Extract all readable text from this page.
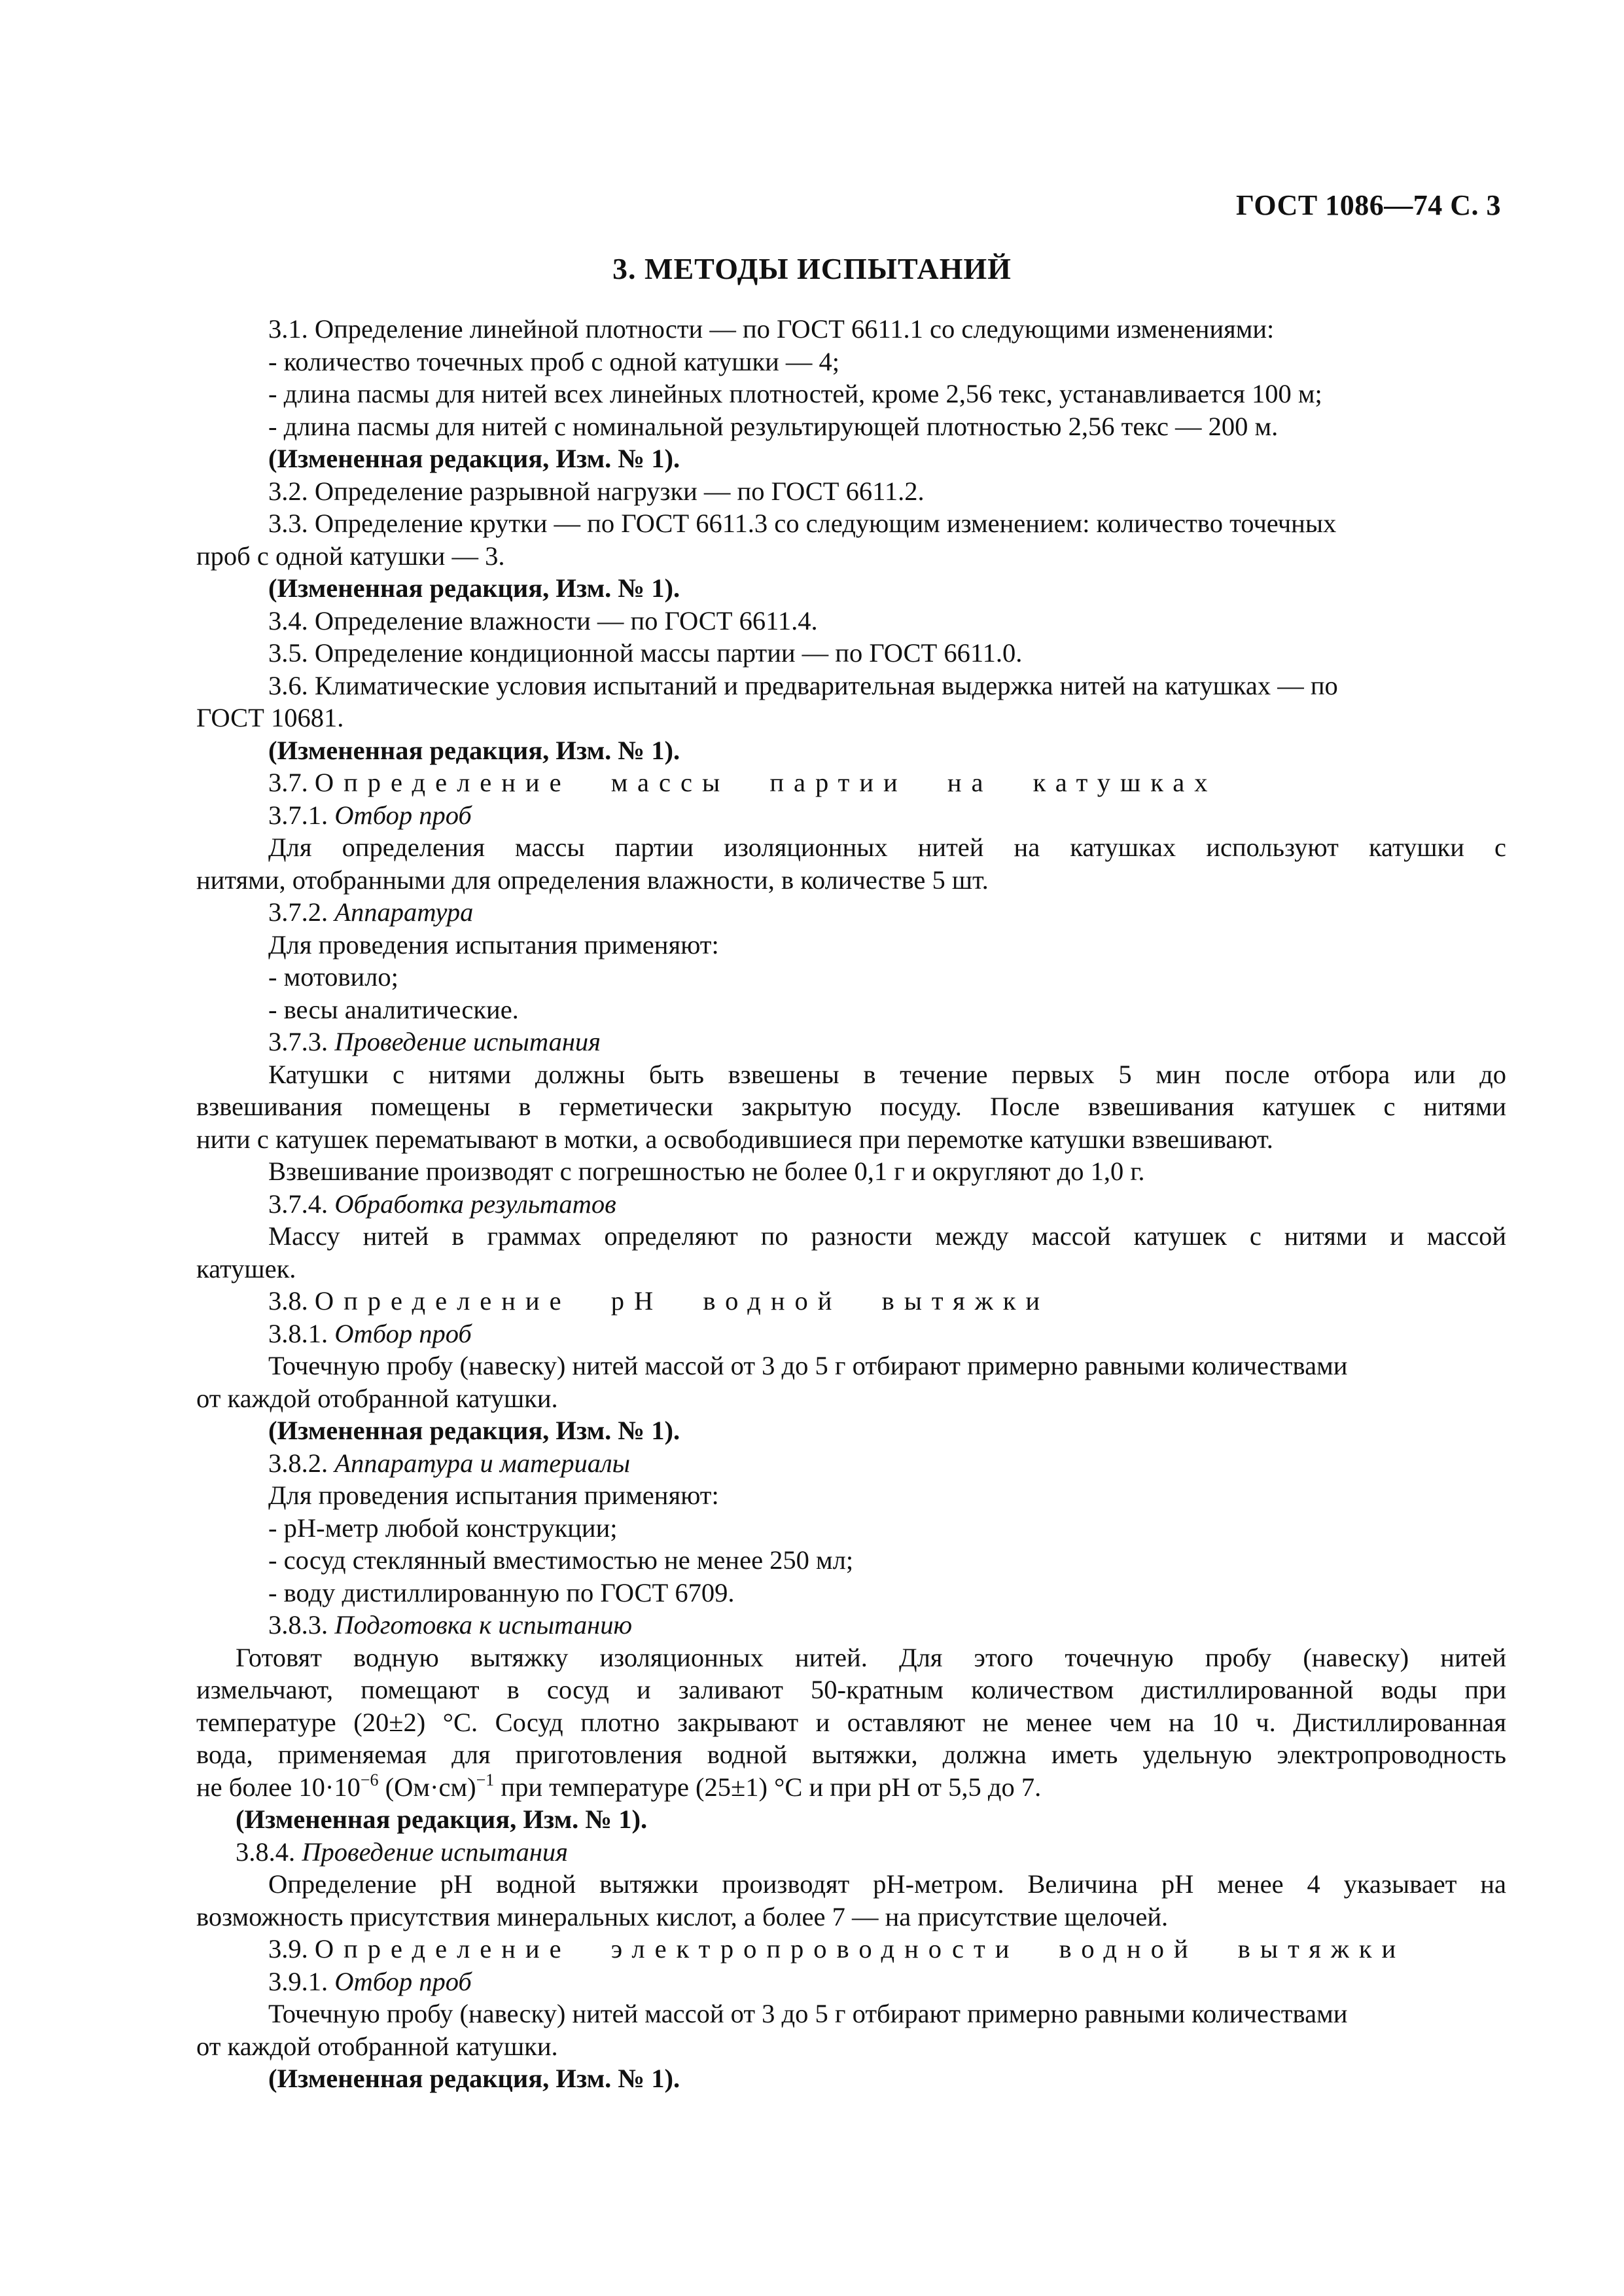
ГОСТ 1086—74 С. 3
3. МЕТОДЫ ИСПЫТАНИЙ
3.1. Определение линейной плотности — по ГОСТ 6611.1 со следующими изменениями:
- количество точечных проб с одной катушки — 4;
- длина пасмы для нитей всех линейных плотностей, кроме 2,56 текс, устанавливается 100 м;
- длина пасмы для нитей с номинальной результирующей плотностью 2,56 текс — 200 м.
(Измененная редакция, Изм. № 1).
3.2. Определение разрывной нагрузки — по ГОСТ 6611.2.
3.3. Определение крутки — по ГОСТ 6611.3 со следующим изменением: количество точечных
проб с одной катушки — 3.
(Измененная редакция, Изм. № 1).
3.4. Определение влажности — по ГОСТ 6611.4.
3.5. Определение кондиционной массы партии — по ГОСТ 6611.0.
3.6. Климатические условия испытаний и предварительная выдержка нитей на катушках — по
ГОСТ 10681.
(Измененная редакция, Изм. № 1).
3.7. Определение массы партии на катушках
3.7.1. Отбор проб
Для определения массы партии изоляционных нитей на катушках используют катушки с
нитями, отобранными для определения влажности, в количестве 5 шт.
3.7.2. Аппаратура
Для проведения испытания применяют:
- мотовило;
- весы аналитические.
3.7.3. Проведение испытания
Катушки с нитями должны быть взвешены в течение первых 5 мин после отбора или до
взвешивания помещены в герметически закрытую посуду. После взвешивания катушек с нитями
нити с катушек перематывают в мотки, а освободившиеся при перемотке катушки взвешивают.
Взвешивание производят с погрешностью не более 0,1 г и округляют до 1,0 г.
3.7.4. Обработка результатов
Массу нитей в граммах определяют по разности между массой катушек с нитями и массой
катушек.
3.8. Определение рН водной вытяжки
3.8.1. Отбор проб
Точечную пробу (навеску) нитей массой от 3 до 5 г отбирают примерно равными количествами
от каждой отобранной катушки.
(Измененная редакция, Изм. № 1).
3.8.2. Аппаратура и материалы
Для проведения испытания применяют:
- рН-метр любой конструкции;
- сосуд стеклянный вместимостью не менее 250 мл;
- воду дистиллированную по ГОСТ 6709.
3.8.3. Подготовка к испытанию
Готовят водную вытяжку изоляционных нитей. Для этого точечную пробу (навеску) нитей
измельчают, помещают в сосуд и заливают 50-кратным количеством дистиллированной воды при
температуре (20±2) °С. Сосуд плотно закрывают и оставляют не менее чем на 10 ч. Дистиллированная
вода, применяемая для приготовления водной вытяжки, должна иметь удельную электропроводность
не более $10\cdot 10^{-6}$ $(Ом\cdot см)^{-1}$ при температуре (25±1) °С и при рН от 5,5 до 7.
(Измененная редакция, Изм. № 1).
3.8.4. Проведение испытания
Определение рН водной вытяжки производят рН-метром. Величина рН менее 4 указывает на
возможность присутствия минеральных кислот, а более 7 — на присутствие щелочей.
3.9. Определение электропроводности водной вытяжки
3.9.1. Отбор проб
Точечную пробу (навеску) нитей массой от 3 до 5 г отбирают примерно равными количествами
от каждой отобранной катушки.
(Измененная редакция, Изм. № 1).
